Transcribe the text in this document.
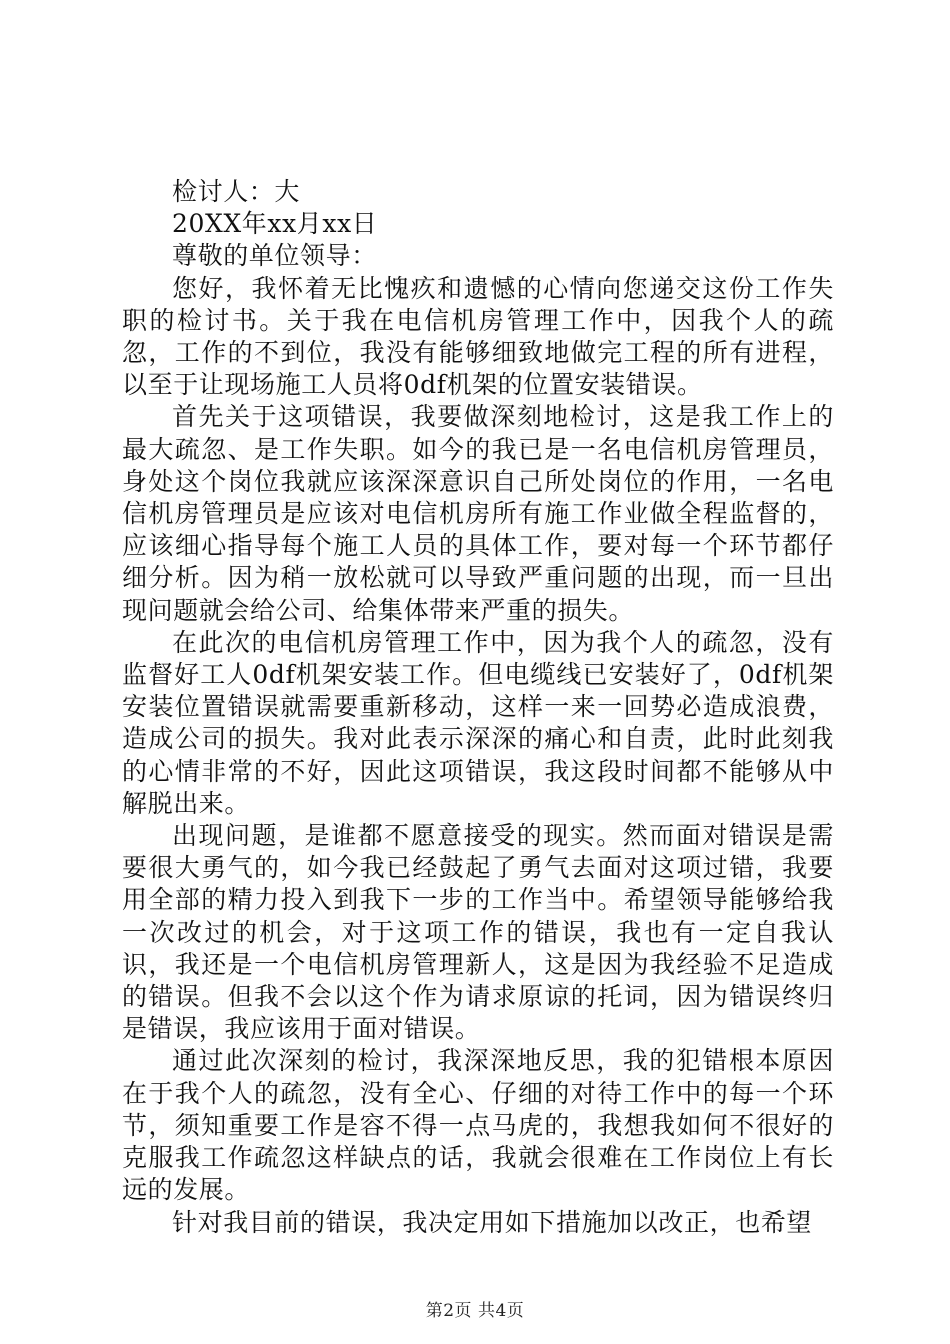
检讨人：大

20XX年xx月xx日

尊敬的单位领导：

您好，我怀着无比愧疚和遗憾的心情向您递交这份工作失职的检讨书。关于我在电信机房管理工作中，因我个人的疏忽，工作的不到位，我没有能够细致地做完工程的所有进程，以至于让现场施工人员将0df机架的位置安装错误。

首先关于这项错误，我要做深刻地检讨，这是我工作上的最大疏忽、是工作失职。如今的我已是一名电信机房管理员，身处这个岗位我就应该深深意识自己所处岗位的作用，一名电信机房管理员是应该对电信机房所有施工作业做全程监督的，应该细心指导每个施工人员的具体工作，要对每一个环节都仔细分析。因为稍一放松就可以导致严重问题的出现，而一旦出现问题就会给公司、给集体带来严重的损失。

在此次的电信机房管理工作中，因为我个人的疏忽，没有监督好工人0df机架安装工作。但电缆线已安装好了，0df机架安装位置错误就需要重新移动，这样一来一回势必造成浪费，造成公司的损失。我对此表示深深的痛心和自责，此时此刻我的心情非常的不好，因此这项错误，我这段时间都不能够从中解脱出来。

出现问题，是谁都不愿意接受的现实。然而面对错误是需要很大勇气的，如今我已经鼓起了勇气去面对这项过错，我要用全部的精力投入到我下一步的工作当中。希望领导能够给我一次改过的机会，对于这项工作的错误，我也有一定自我认识，我还是一个电信机房管理新人，这是因为我经验不足造成的错误。但我不会以这个作为请求原谅的托词，因为错误终归是错误，我应该用于面对错误。

通过此次深刻的检讨，我深深地反思，我的犯错根本原因在于我个人的疏忽，没有全心、仔细的对待工作中的每一个环节，须知重要工作是容不得一点马虎的，我想我如何不很好的克服我工作疏忽这样缺点的话，我就会很难在工作岗位上有长远的发展。

针对我目前的错误，我决定用如下措施加以改正，也希望

第2页 共4页
